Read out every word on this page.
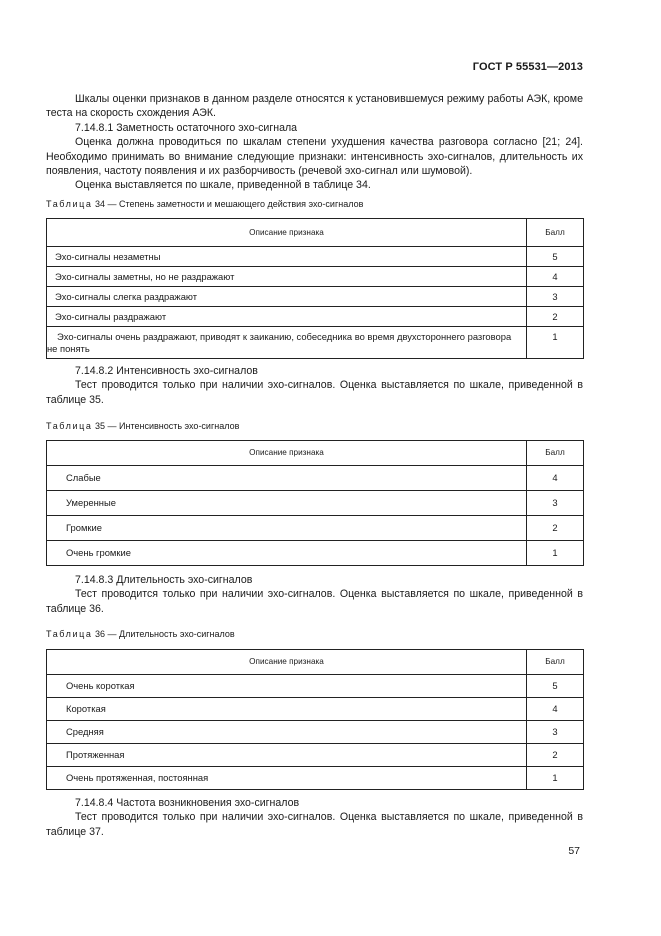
ГОСТ Р 55531—2013

Шкалы оценки признаков в данном разделе относятся к установившемуся режиму работы АЭК, кроме теста на скорость схождения АЭК.

7.14.8.1 Заметность остаточного эхо-сигнала

Оценка должна проводиться по шкалам степени ухудшения качества разговора согласно [21; 24]. Необходимо принимать во внимание следующие признаки: интенсивность эхо-сигналов, длительность их появления, частоту появления и их разборчивость (речевой эхо-сигнал или шумовой).

Оценка выставляется по шкале, приведенной в таблице 34.

Таблица 34 — Степень заметности и мешающего действия эхо-сигналов
Описание признака	Балл
Эхо-сигналы незаметны	5
Эхо-сигналы заметны, но не раздражают	4
Эхо-сигналы слегка раздражают	3
Эхо-сигналы раздражают	2
Эхо-сигналы очень раздражают, приводят к заиканию, собеседника во время двухстороннего разговора не понять	1

7.14.8.2 Интенсивность эхо-сигналов

Тест проводится только при наличии эхо-сигналов. Оценка выставляется по шкале, приведенной в таблице 35.

Таблица 35 — Интенсивность эхо-сигналов
Описание признака	Балл
Слабые	4
Умеренные	3
Громкие	2
Очень громкие	1

7.14.8.3 Длительность эхо-сигналов

Тест проводится только при наличии эхо-сигналов. Оценка выставляется по шкале, приведенной в таблице 36.

Таблица 36 — Длительность эхо-сигналов
Описание признака	Балл
Очень короткая	5
Короткая	4
Средняя	3
Протяженная	2
Очень протяженная, постоянная	1

7.14.8.4 Частота возникновения эхо-сигналов

Тест проводится только при наличии эхо-сигналов. Оценка выставляется по шкале, приведенной в таблице 37.

57
